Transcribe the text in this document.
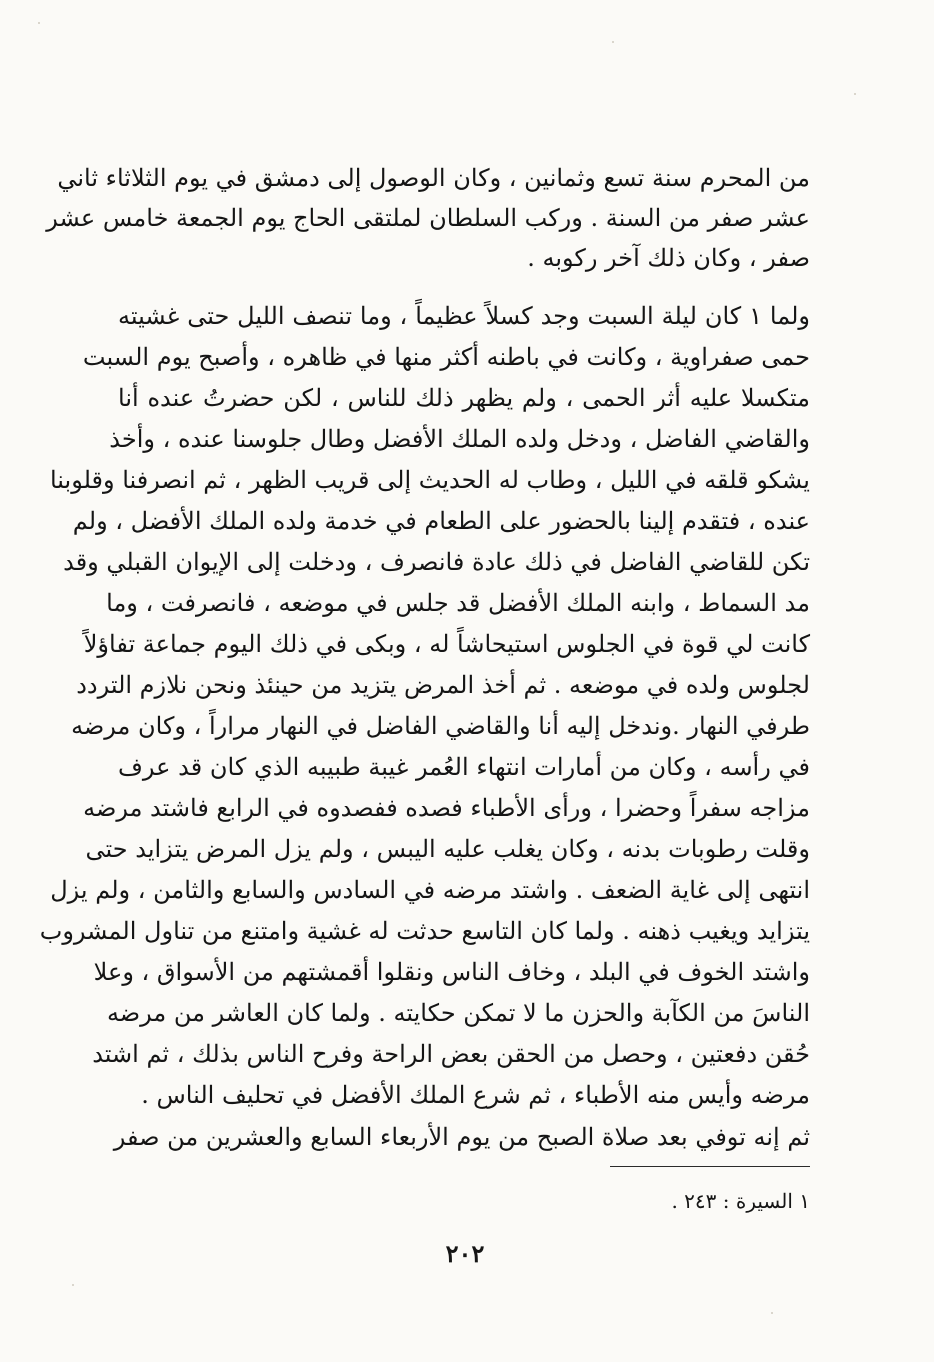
من المحرم سنة تسع وثمانين ، وكان الوصول إلى دمشق في يوم الثلاثاء ثاني
عشر صفر من السنة . وركب السلطان لملتقى الحاج يوم الجمعة خامس عشر
صفر ، وكان ذلك آخر ركوبه .
ولما ١ كان ليلة السبت وجد كسلاً عظيماً ، وما تنصف الليل حتى غشيته
حمى صفراوية ، وكانت في باطنه أكثر منها في ظاهره ، وأصبح يوم السبت
متكسلا عليه أثر الحمى ، ولم يظهر ذلك للناس ، لكن حضرتُ عنده أنا
والقاضي الفاضل ، ودخل ولده الملك الأفضل وطال جلوسنا عنده ، وأخذ
يشكو قلقه في الليل ، وطاب له الحديث إلى قريب الظهر ، ثم انصرفنا وقلوبنا
عنده ، فتقدم إلينا بالحضور على الطعام في خدمة ولده الملك الأفضل ، ولم
تكن للقاضي الفاضل في ذلك عادة فانصرف ، ودخلت إلى الإيوان القبلي وقد
مد السماط ، وابنه الملك الأفضل قد جلس في موضعه ، فانصرفت ، وما
كانت لي قوة في الجلوس استيحاشاً له ، وبكى في ذلك اليوم جماعة تفاؤلاً
لجلوس ولده في موضعه . ثم أخذ المرض يتزيد من حينئذ ونحن نلازم التردد
طرفي النهار .وندخل إليه أنا والقاضي الفاضل في النهار مراراً ، وكان مرضه
في رأسه ، وكان من أمارات انتهاء العُمر غيبة طبيبه الذي كان قد عرف
مزاجه سفراً وحضرا ، ورأى الأطباء فصده ففصدوه في الرابع فاشتد مرضه
وقلت رطوبات بدنه ، وكان يغلب عليه اليبس ، ولم يزل المرض يتزايد حتى
انتهى إلى غاية الضعف . واشتد مرضه في السادس والسابع والثامن ، ولم يزل
يتزايد ويغيب ذهنه . ولما كان التاسع حدثت له غشية وامتنع من تناول المشروب
واشتد الخوف في البلد ، وخاف الناس ونقلوا أقمشتهم من الأسواق ، وعلا
الناسَ من الكآبة والحزن ما لا تمكن حكايته . ولما كان العاشر من مرضه
حُقن دفعتين ، وحصل من الحقن بعض الراحة وفرح الناس بذلك ، ثم اشتد
مرضه وأيس منه الأطباء ، ثم شرع الملك الأفضل في تحليف الناس .
ثم إنه توفي بعد صلاة الصبح من يوم الأربعاء السابع والعشرين من صفر
١ السيرة : ٢٤٣ .
٢٠٢
